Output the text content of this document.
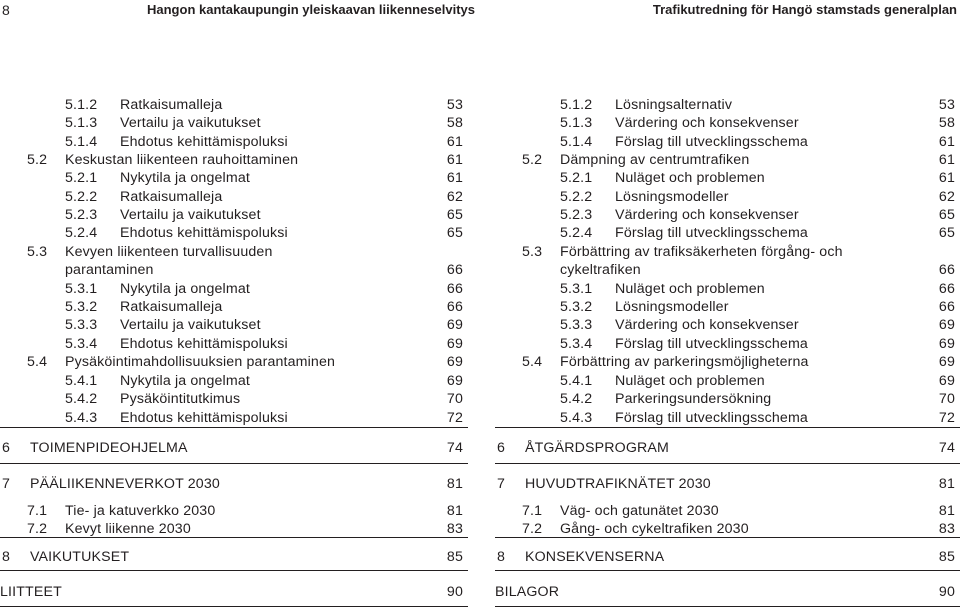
8	Hangon kantakaupungin yleiskaavan liikenneselvitys	Trafikutredning för Hangö stamstads generalplan
5.1.2 Ratkaisumalleja	53
5.1.3 Vertailu ja vaikutukset	58
5.1.4 Ehdotus kehittämispoluksi	61
5.2 Keskustan liikenteen rauhoittaminen	61
5.2.1 Nykytila ja ongelmat	61
5.2.2 Ratkaisumalleja	62
5.2.3 Vertailu ja vaikutukset	65
5.2.4 Ehdotus kehittämispoluksi	65
5.3 Kevyen liikenteen turvallisuuden
parantaminen	66
5.3.1 Nykytila ja ongelmat	66
5.3.2 Ratkaisumalleja	66
5.3.3 Vertailu ja vaikutukset	69
5.3.4 Ehdotus kehittämispoluksi	69
5.4 Pysäköintimahdollisuuksien parantaminen	69
5.4.1 Nykytila ja ongelmat	69
5.4.2 Pysäköintitutkimus	70
5.4.3 Ehdotus kehittämispoluksi	72
6 TOIMENPIDEOHJELMA	74
7 PÄÄLIIKENNEVERKOT 2030	81
7.1 Tie- ja katuverkko 2030	81
7.2 Kevyt liikenne 2030	83
8 VAIKUTUKSET	85
LIITTEET	90
5.1.2 Lösningsalternativ	53
5.1.3 Värdering och konsekvenser	58
5.1.4 Förslag till utvecklingsschema	61
5.2 Dämpning av centrumtrafiken	61
5.2.1 Nuläget och problemen	61
5.2.2 Lösningsmodeller	62
5.2.3 Värdering och konsekvenser	65
5.2.4 Förslag till utvecklingsschema	65
5.3 Förbättring av trafiksäkerheten förgång- och
cykeltrafiken	66
5.3.1 Nuläget och problemen	66
5.3.2 Lösningsmodeller	66
5.3.3 Värdering och konsekvenser	69
5.3.4 Förslag till utvecklingsschema	69
5.4 Förbättring av parkeringsmöjligheterna	69
5.4.1 Nuläget och problemen	69
5.4.2 Parkeringsundersökning	70
5.4.3 Förslag till utvecklingsschema	72
6 ÅTGÄRDSPROGRAM	74
7 HUVUDTRAFIKNÄTET 2030	81
7.1 Väg- och gatunätet 2030	81
7.2 Gång- och cykeltrafiken 2030	83
8 KONSEKVENSERNA	85
BILAGOR	90
